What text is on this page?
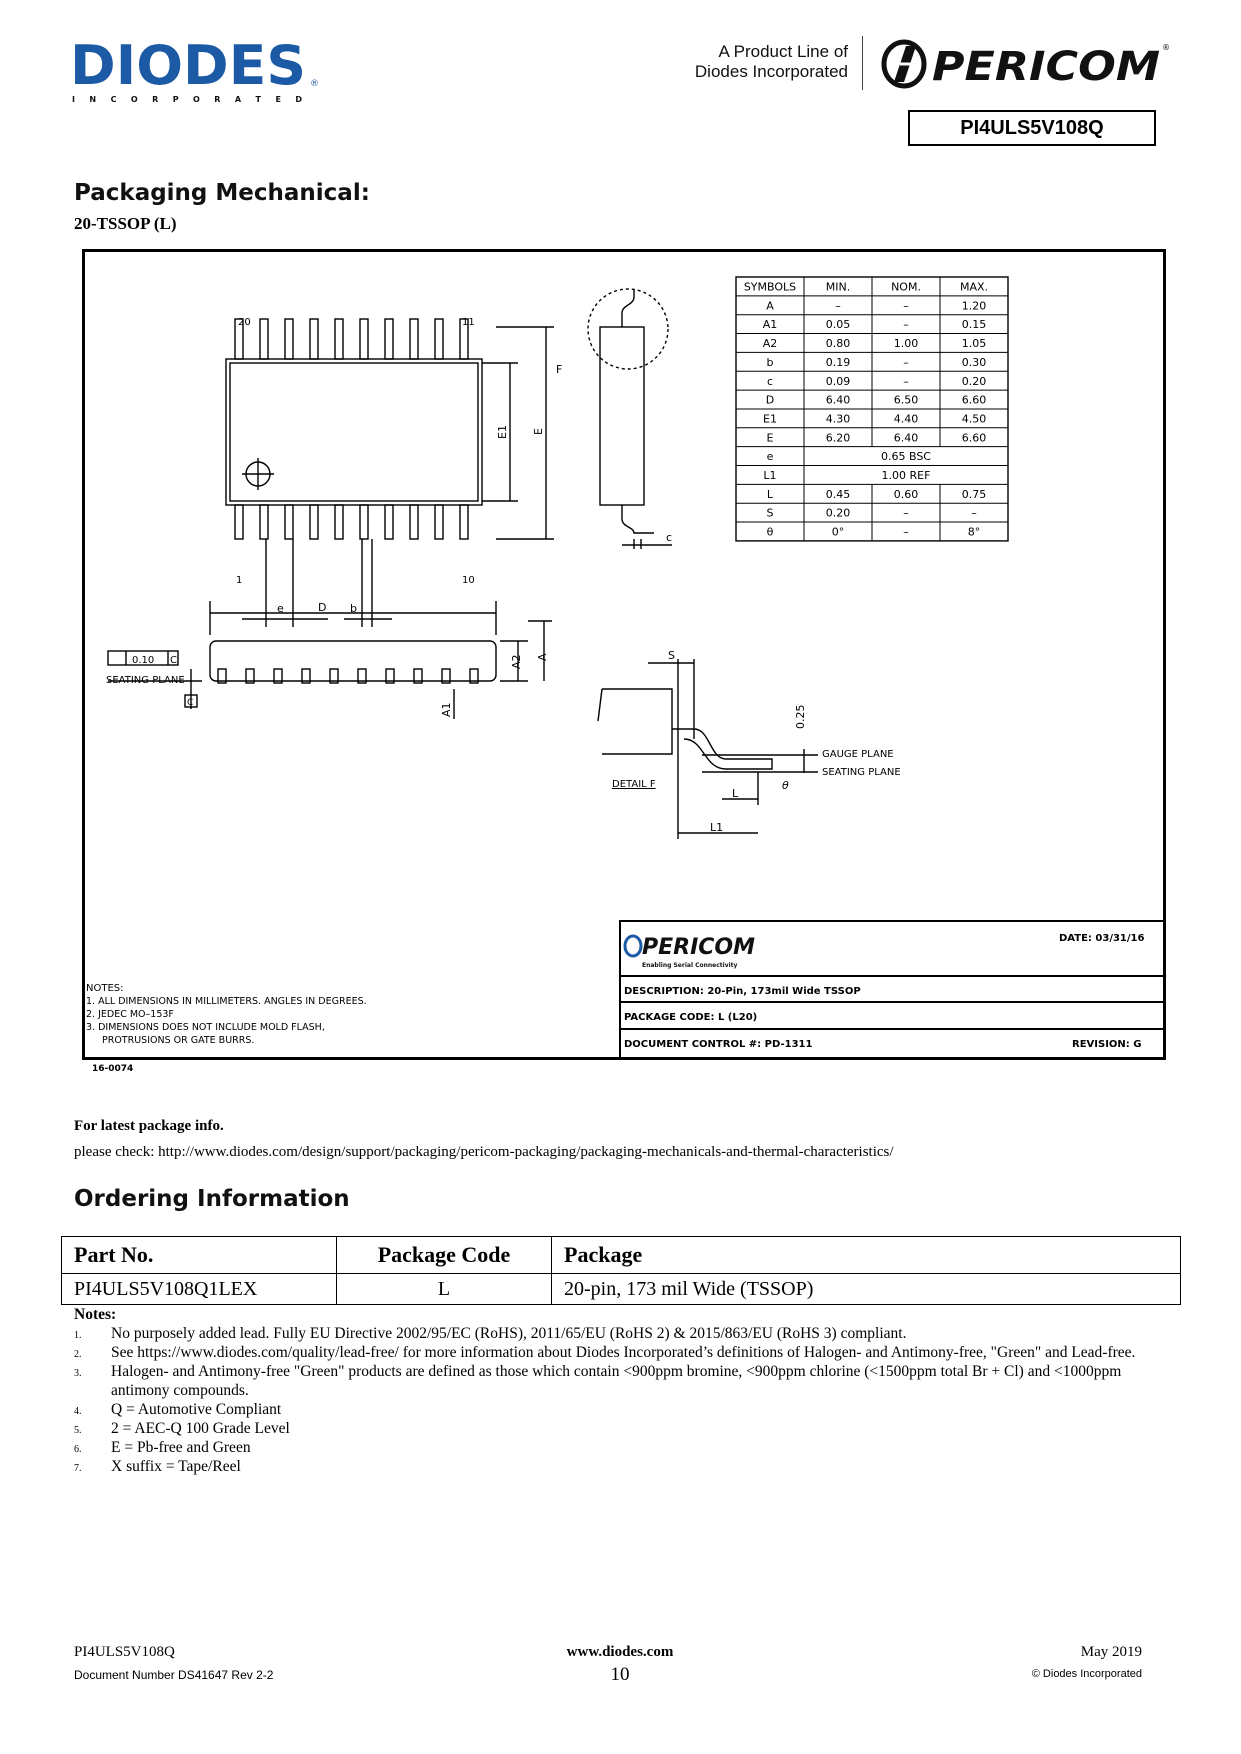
DIODES
I N C O R P O R A T E D
®
A Product Line of
Diodes Incorporated PERICOM ®
PI4ULS5V108Q
Packaging Mechanical:
20-TSSOP (L)
20	11
1	10
E1 E
e	b
F
c
D
A2 A
A1
0.10 C
SEATING PLANE
C
S
0.25
GAUGE PLANE
SEATING PLANE
DETAIL F
L
L1
θ
SYMBOLS	MIN.	NOM.	MAX.
A	–	–	1.20
A1	0.05	–	0.15
A2	0.80	1.00	1.05
b	0.19	–	0.30
c	0.09	–	0.20
D	6.40	6.50	6.60
E1	4.30	4.40	4.50
E	6.20	6.40	6.60
e	0.65 BSC
L1	1.00 REF
L	0.45	0.60	0.75
S	0.20	–	–
θ	0°	–	8°
NOTES:
1. ALL DIMENSIONS IN MILLIMETERS. ANGLES IN DEGREES.
2. JEDEC MO–153F
3. DIMENSIONS DOES NOT INCLUDE MOLD FLASH,
PROTRUSIONS OR GATE BURRS.
PERICOM
Enabling Serial Connectivity
DATE: 03/31/16
DESCRIPTION: 20-Pin, 173mil Wide TSSOP
PACKAGE CODE: L (L20)
DOCUMENT CONTROL #: PD-1311	REVISION: G
16-0074
For latest package info.
please check: http://www.diodes.com/design/support/packaging/pericom-packaging/packaging-mechanicals-and-thermal-characteristics/
Ordering Information
Part No.	Package Code	Package
PI4ULS5V108Q1LEX	L	20-pin, 173 mil Wide (TSSOP)
Notes:
1. No purposely added lead. Fully EU Directive 2002/95/EC (RoHS), 2011/65/EU (RoHS 2) & 2015/863/EU (RoHS 3) compliant.
2. See https://www.diodes.com/quality/lead-free/ for more information about Diodes Incorporated’s definitions of Halogen- and Antimony-free, "Green" and Lead-free.
3. Halogen- and Antimony-free "Green" products are defined as those which contain <900ppm bromine, <900ppm chlorine (<1500ppm total Br + Cl) and <1000ppm antimony compounds.
4. Q = Automotive Compliant
5. 2 = AEC-Q 100 Grade Level
6. E = Pb-free and Green
7. X suffix = Tape/Reel
PI4ULS5V108Q
Document Number DS41647 Rev 2-2
www.diodes.com
10
May 2019
© Diodes Incorporated
